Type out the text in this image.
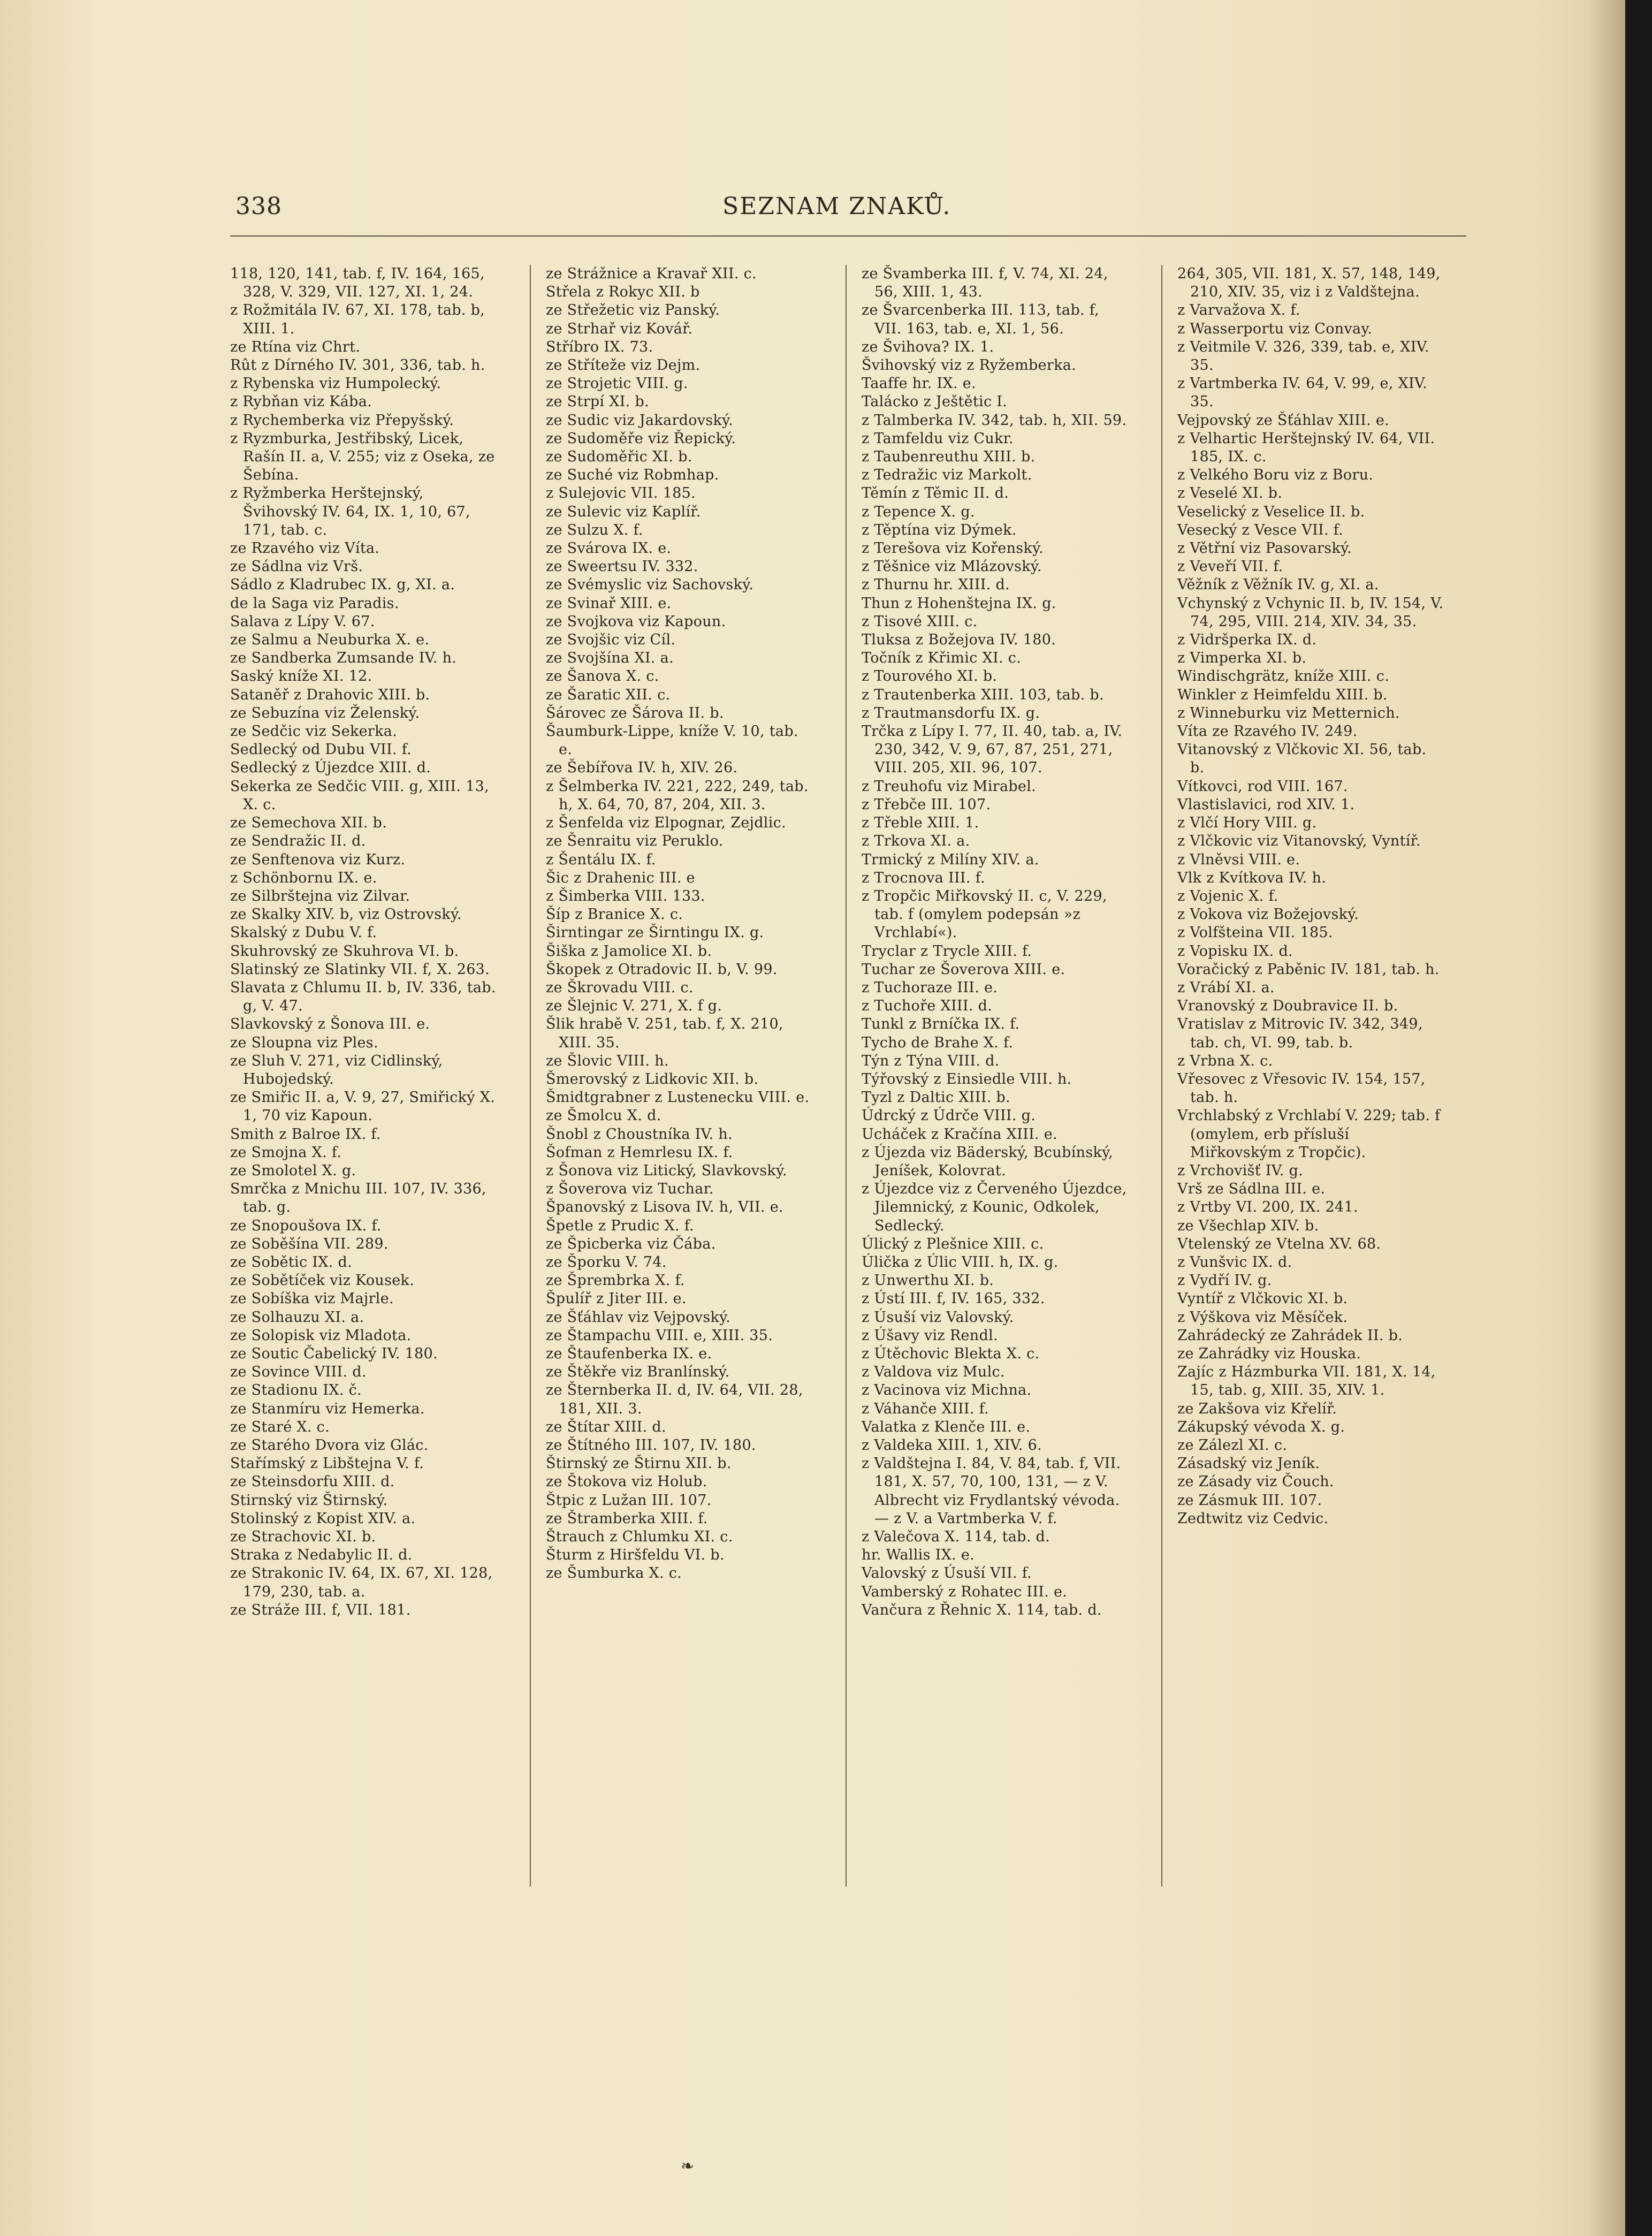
338	SEZNAM ZNAKŮ.

118, 120, 141, tab. f, IV. 164, 165, 328, V. 329, VII. 127, XI. 1, 24.

z Rožmitála IV. 67, XI. 178, tab. b, XIII. 1.

ze Rtína viz Chrt.

Rût z Dírného IV. 301, 336, tab. h.

z Rybenska viz Humpolecký.

z Rybňan viz Kába.

z Rychemberka viz Přepyšský.

z Ryzmburka, Jestřibský, Licek, Rašín II. a, V. 255; viz z Oseka, ze Šebína.

z Ryžmberka Herštejnský, Švihovský IV. 64, IX. 1, 10, 67, 171, tab. c.

ze Rzavého viz Víta.

ze Sádlna viz Vrš.

Sádlo z Kladrubec IX. g, XI. a.

de la Saga viz Paradis.

Salava z Lípy V. 67.

ze Salmu a Neuburka X. e.

ze Sandberka Zumsande IV. h.

Saský kníže XI. 12.

Sataněř z Drahovic XIII. b.

ze Sebuzína viz Želenský.

ze Sedčic viz Sekerka.

Sedlecký od Dubu VII. f.

Sedlecký z Újezdce XIII. d.

Sekerka ze Sedčic VIII. g, XIII. 13, X. c.

ze Semechova XII. b.

ze Sendražic II. d.

ze Senftenova viz Kurz.

z Schönbornu IX. e.

ze Silbrštejna viz Zilvar.

ze Skalky XIV. b, viz Ostrovský.

Skalský z Dubu V. f.

Skuhrovský ze Skuhrova VI. b.

Slatinský ze Slatinky VII. f, X. 263.

Slavata z Chlumu II. b, IV. 336, tab. g, V. 47.

Slavkovský z Šonova III. e.

ze Sloupna viz Ples.

ze Sluh V. 271, viz Cidlinský, Hubojedský.

ze Smiřic II. a, V. 9, 27, Smiřický X. 1, 70 viz Kapoun.

Smith z Balroe IX. f.

ze Smojna X. f.

ze Smolotel X. g.

Smrčka z Mnichu III. 107, IV. 336, tab. g.

ze Snopoušova IX. f.

ze Soběšína VII. 289.

ze Sobětic IX. d.

ze Sobětíček viz Kousek.

ze Sobíška viz Majrle.

ze Solhauzu XI. a.

ze Solopisk viz Mladota.

ze Soutic Čabelický IV. 180.

ze Sovince VIII. d.

ze Stadionu IX. č.

ze Stanmíru viz Hemerka.

ze Staré X. c.

ze Starého Dvora viz Glác.

Stařímský z Libštejna V. f.

ze Steinsdorfu XIII. d.

Stirnský viz Štirnský.

Stolinský z Kopist XIV. a.

ze Strachovic XI. b.

Straka z Nedabylic II. d.

ze Strakonic IV. 64, IX. 67, XI. 128, 179, 230, tab. a.

ze Stráže III. f, VII. 181.

ze Strážnice a Kravař XII. c.

Střela z Rokyc XII. b

ze Střežetic viz Panský.

ze Strhař viz Kovář.

Stříbro IX. 73.

ze Stříteže viz Dejm.

ze Strojetic VIII. g.

ze Strpí XI. b.

ze Sudic viz Jakardovský.

ze Sudoměře viz Řepický.

ze Sudoměřic XI. b.

ze Suché viz Robmhap.

z Sulejovic VII. 185.

ze Sulevic viz Kaplíř.

ze Sulzu X. f.

ze Svárova IX. e.

ze Sweertsu IV. 332.

ze Svémyslic viz Sachovský.

ze Svinař XIII. e.

ze Svojkova viz Kapoun.

ze Svojšic viz Cíl.

ze Svojšína XI. a.

ze Šanova X. c.

ze Šaratic XII. c.

Šárovec ze Šárova II. b.

Šaumburk-Lippe, kníže V. 10, tab. e.

ze Šebířova IV. h, XIV. 26.

z Šelmberka IV. 221, 222, 249, tab. h, X. 64, 70, 87, 204, XII. 3.

z Šenfelda viz Elpognar, Zejdlic.

ze Šenraitu viz Peruklo.

z Šentálu IX. f.

Šic z Drahenic III. e

z Šimberka VIII. 133.

Šíp z Branice X. c.

Širntingar ze Širntingu IX. g.

Šiška z Jamolice XI. b.

Škopek z Otradovic II. b, V. 99.

ze Škrovadu VIII. c.

ze Šlejnic V. 271, X. f g.

Šlik hrabě V. 251, tab. f, X. 210, XIII. 35.

ze Šlovic VIII. h.

Šmerovský z Lidkovic XII. b.

Šmidtgrabner z Lustenecku VIII. e.

ze Šmolcu X. d.

Šnobl z Choustníka IV. h.

Šofman z Hemrlesu IX. f.

z Šonova viz Litický, Slavkovský.

z Šoverova viz Tuchar.

Španovský z Lisova IV. h, VII. e.

Špetle z Prudic X. f.

ze Špicberka viz Čába.

ze Šporku V. 74.

ze Šprembrka X. f.

Špulíř z Jiter III. e.

ze Šťáhlav viz Vejpovský.

ze Štampachu VIII. e, XIII. 35.

ze Štaufenberka IX. e.

ze Štěkře viz Branlínský.

ze Šternberka II. d, IV. 64, VII. 28, 181, XII. 3.

ze Štítar XIII. d.

ze Štítného III. 107, IV. 180.

Štirnský ze Štirnu XII. b.

ze Štokova viz Holub.

Štpic z Lužan III. 107.

ze Štramberka XIII. f.

Štrauch z Chlumku XI. c.

Šturm z Hiršfeldu VI. b.

ze Šumburka X. c.

ze Švamberka III. f, V. 74, XI. 24, 56, XIII. 1, 43.

ze Švarcenberka III. 113, tab. f, VII. 163, tab. e, XI. 1, 56.

ze Švihova? IX. 1.

Švihovský viz z Ryžemberka.

Taaffe hr. IX. e.

Talácko z Ještětic I.

z Talmberka IV. 342, tab. h, XII. 59.

z Tamfeldu viz Cukr.

z Taubenreuthu XIII. b.

z Tedražic viz Markolt.

Těmín z Těmic II. d.

z Tepence X. g.

z Těptína viz Dýmek.

z Terešova viz Kořenský.

z Těšnice viz Mlázovský.

z Thurnu hr. XIII. d.

Thun z Hohenštejna IX. g.

z Tisové XIII. c.

Tluksa z Božejova IV. 180.

Točník z Křimic XI. c.

z Tourového XI. b.

z Trautenberka XIII. 103, tab. b.

z Trautmansdorfu IX. g.

Trčka z Lípy I. 77, II. 40, tab. a, IV. 230, 342, V. 9, 67, 87, 251, 271, VIII. 205, XII. 96, 107.

z Treuhofu viz Mirabel.

z Třebče III. 107.

z Třeble XIII. 1.

z Trkova XI. a.

Trmický z Milíny XIV. a.

z Trocnova III. f.

z Tropčic Miřkovský II. c, V. 229, tab. f (omylem podepsán »z Vrchlabí«).

Tryclar z Trycle XIII. f.

Tuchar ze Šoverova XIII. e.

z Tuchoraze III. e.

z Tuchoře XIII. d.

Tunkl z Brníčka IX. f.

Tycho de Brahe X. f.

Týn z Týna VIII. d.

Týřovský z Einsiedle VIII. h.

Tyzl z Daltic XIII. b.

Údrcký z Údrče VIII. g.

Ucháček z Kračína XIII. e.

z Újezda viz Bäderský, Bcubínský, Jeníšek, Kolovrat.

z Újezdce viz z Červeného Újezdce, Jilemnický, z Kounic, Odkolek, Sedlecký.

Úlický z Plešnice XIII. c.

Úlička z Úlic VIII. h, IX. g.

z Unwerthu XI. b.

z Ústí III. f, IV. 165, 332.

z Úsuší viz Valovský.

z Úšavy viz Rendl.

z Útěchovic Blekta X. c.

z Valdova viz Mulc.

z Vacinova viz Michna.

z Váhanče XIII. f.

Valatka z Klenče III. e.

z Valdeka XIII. 1, XIV. 6.

z Valdštejna I. 84, V. 84, tab. f, VII. 181, X. 57, 70, 100, 131, — z V. Albrecht viz Frydlantský vévoda. — z V. a Vartmberka V. f.

z Valečova X. 114, tab. d.

hr. Wallis IX. e.

Valovský z Úsuší VII. f.

Vamberský z Rohatec III. e.

Vančura z Řehnic X. 114, tab. d.

264, 305, VII. 181, X. 57, 148, 149, 210, XIV. 35, viz i z Valdštejna.

z Varvažova X. f.

z Wasserportu viz Convay.

z Veitmile V. 326, 339, tab. e, XIV. 35.

z Vartmberka IV. 64, V. 99, e, XIV. 35.

Vejpovský ze Šťáhlav XIII. e.

z Velhartic Herštejnský IV. 64, VII. 185, IX. c.

z Velkého Boru viz z Boru.

z Veselé XI. b.

Veselický z Veselice II. b.

Vesecký z Vesce VII. f.

z Větřní viz Pasovarský.

z Veveří VII. f.

Věžník z Věžník IV. g, XI. a.

Vchynský z Vchynic II. b, IV. 154, V. 74, 295, VIII. 214, XIV. 34, 35.

z Vidršperka IX. d.

z Vimperka XI. b.

Windischgrätz, kníže XIII. c.

Winkler z Heimfeldu XIII. b.

z Winneburku viz Metternich.

Víta ze Rzavého IV. 249.

Vitanovský z Vlčkovic XI. 56, tab. b.

Vítkovci, rod VIII. 167.

Vlastislavici, rod XIV. 1.

z Vlčí Hory VIII. g.

z Vlčkovic viz Vitanovský, Vyntíř.

z Vlněvsi VIII. e.

Vlk z Kvítkova IV. h.

z Vojenic X. f.

z Vokova viz Božejovský.

z Volfšteina VII. 185.

z Vopisku IX. d.

Voračický z Paběnic IV. 181, tab. h.

z Vrábí XI. a.

Vranovský z Doubravice II. b.

Vratislav z Mitrovic IV. 342, 349, tab. ch, VI. 99, tab. b.

z Vrbna X. c.

Vřesovec z Vřesovic IV. 154, 157, tab. h.

Vrchlabský z Vrchlabí V. 229; tab. f (omylem, erb přísluší Miřkovským z Tropčic).

z Vrchovišť IV. g.

Vrš ze Sádlna III. e.

z Vrtby VI. 200, IX. 241.

ze Všechlap XIV. b.

Vtelenský ze Vtelna XV. 68.

z Vunšvic IX. d.

z Vydří IV. g.

Vyntíř z Vlčkovic XI. b.

z Výškova viz Měsíček.

Zahrádecký ze Zahrádek II. b.

ze Zahrádky viz Houska.

Zajíc z Házmburka VII. 181, X. 14, 15, tab. g, XIII. 35, XIV. 1.

ze Zakšova viz Křelíř.

Zákupský vévoda X. g.

ze Zálezl XI. c.

Zásadský viz Jeník.

ze Zásady viz Čouch.

ze Zásmuk III. 107.

Zedtwitz viz Cedvic.

❧
